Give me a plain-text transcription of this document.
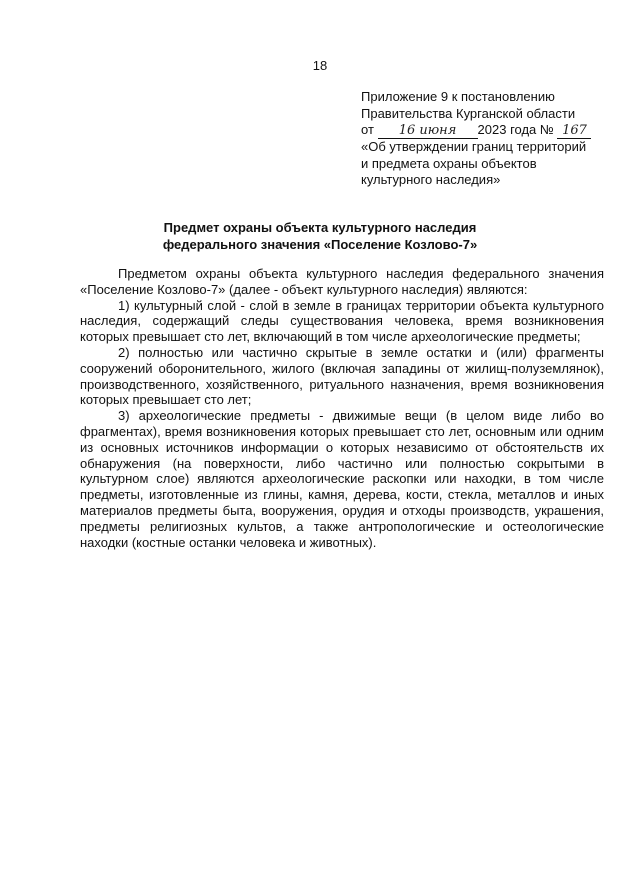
18
Приложение 9 к постановлению
Правительства Курганской области
от 16 июня 2023 года № 167
«Об утверждении границ территорий
и предмета охраны объектов
культурного наследия»
Предмет охраны объекта культурного наследия
федерального значения «Поселение Козлово-7»

Предметом охраны объекта культурного наследия федерального значения «Поселение Козлово-7» (далее - объект культурного наследия) являются:

1) культурный слой - слой в земле в границах территории объекта культурного наследия, содержащий следы существования человека, время возникновения которых превышает сто лет, включающий в том числе археологические предметы;

2) полностью или частично скрытые в земле остатки и (или) фрагменты сооружений оборонительного, жилого (включая западины от жилищ-полуземлянок), производственного, хозяйственного, ритуального назначения, время возникновения которых превышает сто лет;

3) археологические предметы - движимые вещи (в целом виде либо во фрагментах), время возникновения которых превышает сто лет, основным или одним из основных источников информации о которых независимо от обстоятельств их обнаружения (на поверхности, либо частично или полностью сокрытыми в культурном слое) являются археологические раскопки или находки, в том числе предметы, изготовленные из глины, камня, дерева, кости, стекла, металлов и иных материалов предметы быта, вооружения, орудия и отходы производств, украшения, предметы религиозных культов, а также антропологические и остеологические находки (костные останки человека и животных).
